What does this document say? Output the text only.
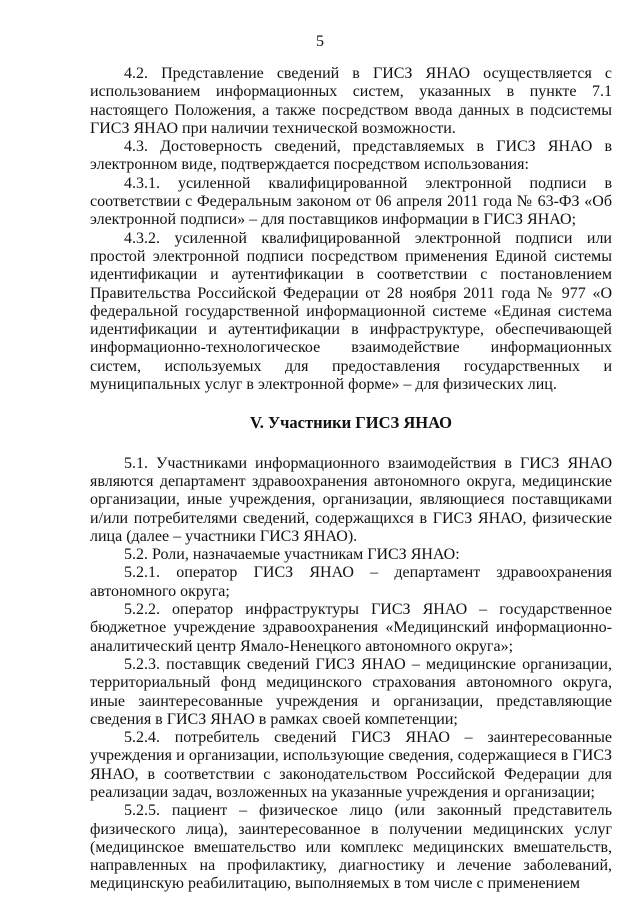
5

4.2. Представление сведений в ГИСЗ ЯНАО осуществляется с использованием информационных систем, указанных в пункте 7.1 настоящего Положения, а также посредством ввода данных в подсистемы ГИСЗ ЯНАО при наличии технической возможности.

4.3. Достоверность сведений, представляемых в ГИСЗ ЯНАО в электронном виде, подтверждается посредством использования:

4.3.1. усиленной квалифицированной электронной подписи в соответствии с Федеральным законом от 06 апреля 2011 года № 63-ФЗ «Об электронной подписи» – для поставщиков информации в ГИСЗ ЯНАО;

4.3.2. усиленной квалифицированной электронной подписи или простой электронной подписи посредством применения Единой системы идентификации и аутентификации в соответствии с постановлением Правительства Российской Федерации от 28 ноября 2011 года № 977 «О федеральной государственной информационной системе «Единая система идентификации и аутентификации в инфраструктуре, обеспечивающей информационно-технологическое взаимодействие информационных систем, используемых для предоставления государственных и муниципальных услуг в электронной форме» – для физических лиц.

V. Участники ГИСЗ ЯНАО

5.1. Участниками информационного взаимодействия в ГИСЗ ЯНАО являются департамент здравоохранения автономного округа, медицинские организации, иные учреждения, организации, являющиеся поставщиками и/или потребителями сведений, содержащихся в ГИСЗ ЯНАО, физические лица (далее – участники ГИСЗ ЯНАО).

5.2. Роли, назначаемые участникам ГИСЗ ЯНАО:

5.2.1. оператор ГИСЗ ЯНАО – департамент здравоохранения автономного округа;

5.2.2. оператор инфраструктуры ГИСЗ ЯНАО – государственное бюджетное учреждение здравоохранения «Медицинский информационно-аналитический центр Ямало-Ненецкого автономного округа»;

5.2.3. поставщик сведений ГИСЗ ЯНАО – медицинские организации, территориальный фонд медицинского страхования автономного округа, иные заинтересованные учреждения и организации, представляющие сведения в ГИСЗ ЯНАО в рамках своей компетенции;

5.2.4. потребитель сведений ГИСЗ ЯНАО – заинтересованные учреждения и организации, использующие сведения, содержащиеся в ГИСЗ ЯНАО, в соответствии с законодательством Российской Федерации для реализации задач, возложенных на указанные учреждения и организации;

5.2.5. пациент – физическое лицо (или законный представитель физического лица), заинтересованное в получении медицинских услуг (медицинское вмешательство или комплекс медицинских вмешательств, направленных на профилактику, диагностику и лечение заболеваний, медицинскую реабилитацию, выполняемых в том числе с применением
